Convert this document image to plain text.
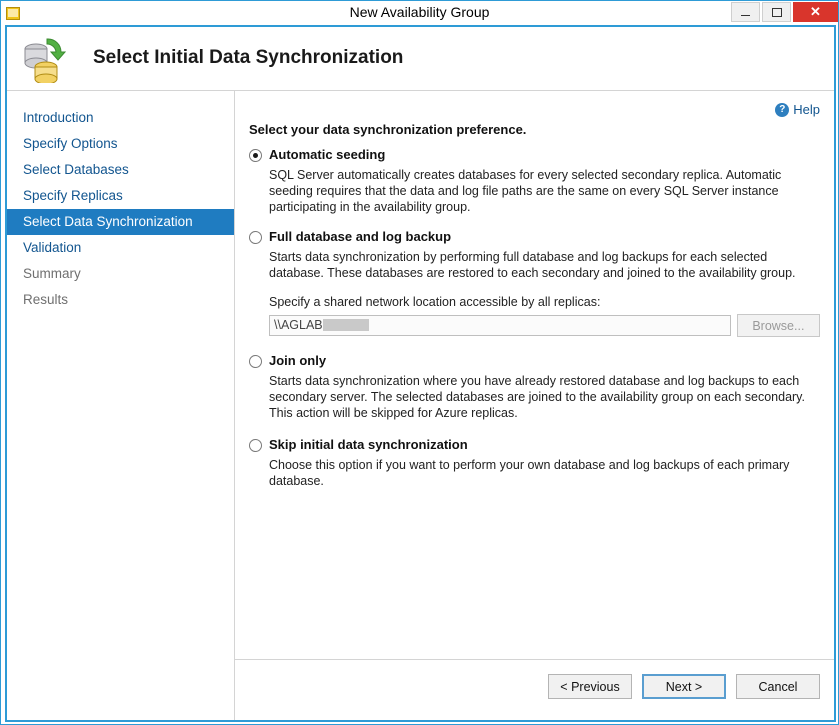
New Availability Group	✕
Select Initial Data Synchronization
Introduction
Specify Options
Select Databases
Specify Replicas
Select Data Synchronization
Validation
Summary
Results
? Help
Select your data synchronization preference.
Automatic seeding
SQL Server automatically creates databases for every selected secondary replica. Automatic seeding requires that the data and log file paths are the same on every SQL Server instance participating in the availability group.
Full database and log backup
Starts data synchronization by performing full database and log backups for each selected database. These databases are restored to each secondary and joined to the availability group.
Specify a shared network location accessible by all replicas:
\\AGLAB	Browse...
Join only
Starts data synchronization where you have already restored database and log backups to each secondary server. The selected databases are joined to the availability group on each secondary. This action will be skipped for Azure replicas.
Skip initial data synchronization
Choose this option if you want to perform your own database and log backups of each primary database.
< Previous	Next >	Cancel
